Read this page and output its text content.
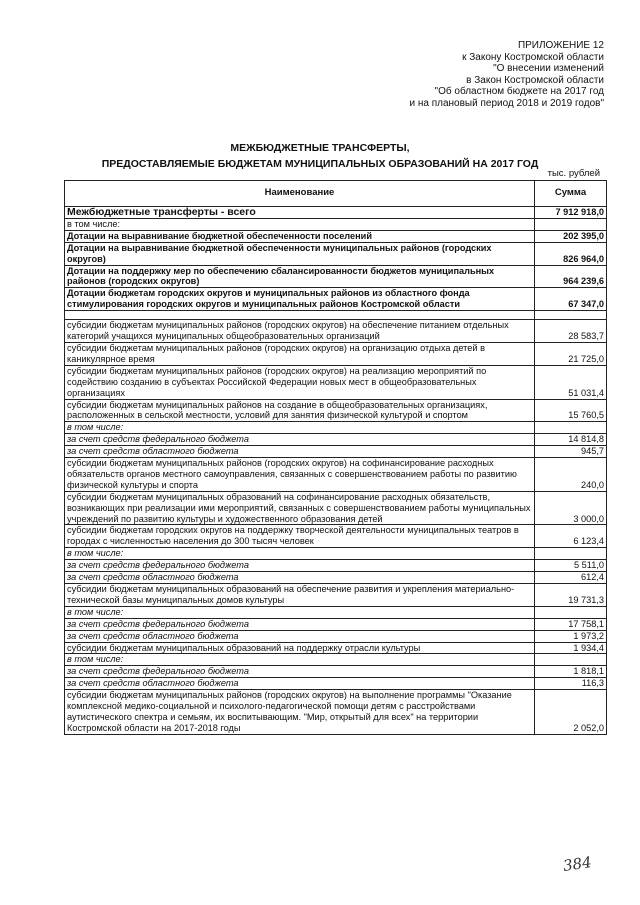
ПРИЛОЖЕНИЕ 12
к Закону Костромской области
"О внесении изменений
в Закон Костромской области
"Об областном бюджете на 2017 год
и на плановый период 2018 и 2019 годов"
МЕЖБЮДЖЕТНЫЕ ТРАНСФЕРТЫ,
ПРЕДОСТАВЛЯЕМЫЕ БЮДЖЕТАМ МУНИЦИПАЛЬНЫХ ОБРАЗОВАНИЙ НА 2017 ГОД
тыс. рублей
Наименование	Сумма
Межбюджетные трансферты - всего	7 912 918,0
в том числе:	
Дотации на выравнивание бюджетной обеспеченности поселений	202 395,0
Дотации на выравнивание бюджетной обеспеченности муниципальных районов (городских округов)	826 964,0
Дотации на поддержку мер по обеспечению сбалансированности бюджетов муниципальных районов (городских округов)	964 239,6
Дотации бюджетам городских округов и муниципальных районов из областного фонда стимулирования городских округов и муниципальных районов Костромской области	67 347,0

субсидии бюджетам муниципальных районов (городских округов) на обеспечение питанием отдельных категорий учащихся муниципальных общеобразовательных организаций	28 583,7
субсидии бюджетам муниципальных районов (городских округов) на организацию отдыха детей в каникулярное время	21 725,0
субсидии бюджетам муниципальных районов (городских округов) на реализацию мероприятий по содействию созданию в субъектах Российской Федерации новых мест в общеобразовательных организациях	51 031,4
субсидии бюджетам муниципальных районов на создание в общеобразовательных организациях, расположенных в сельской местности, условий для занятия физической культурой и спортом	15 760,5
в том числе:	
за счет средств федерального бюджета	14 814,8
за счет средств областного бюджета	945,7
субсидии бюджетам муниципальных районов (городских округов) на софинансирование расходных обязательств органов местного самоуправления, связанных с совершенствованием работы по развитию физической культуры и спорта	240,0
субсидии бюджетам муниципальных образований на софинансирование расходных обязательств, возникающих при реализации ими мероприятий, связанных с совершенствованием работы муниципальных учреждений по развитию культуры и художественного образования детей	3 000,0
субсидии бюджетам городских округов на поддержку творческой деятельности муниципальных театров в городах с численностью населения до 300 тысяч человек	6 123,4
в том числе:	
за счет средств федерального бюджета	5 511,0
за счет средств областного бюджета	612,4
субсидии бюджетам муниципальных образований на обеспечение развития и укрепления материально-технической базы муниципальных домов культуры	19 731,3
в том числе:	
за счет средств федерального бюджета	17 758,1
за счет средств областного бюджета	1 973,2
субсидии бюджетам муниципальных образований на поддержку отрасли культуры	1 934,4
в том числе:	
за счет средств федерального бюджета	1 818,1
за счет средств областного бюджета	116,3
субсидии бюджетам муниципальных районов (городских округов) на выполнение программы "Оказание комплексной медико-социальной и психолого-педагогической помощи детям с расстройствами аутистического спектра и семьям, их воспитывающим. "Мир, открытый для всех" на территории Костромской области на 2017-2018 годы	2 052,0
384
